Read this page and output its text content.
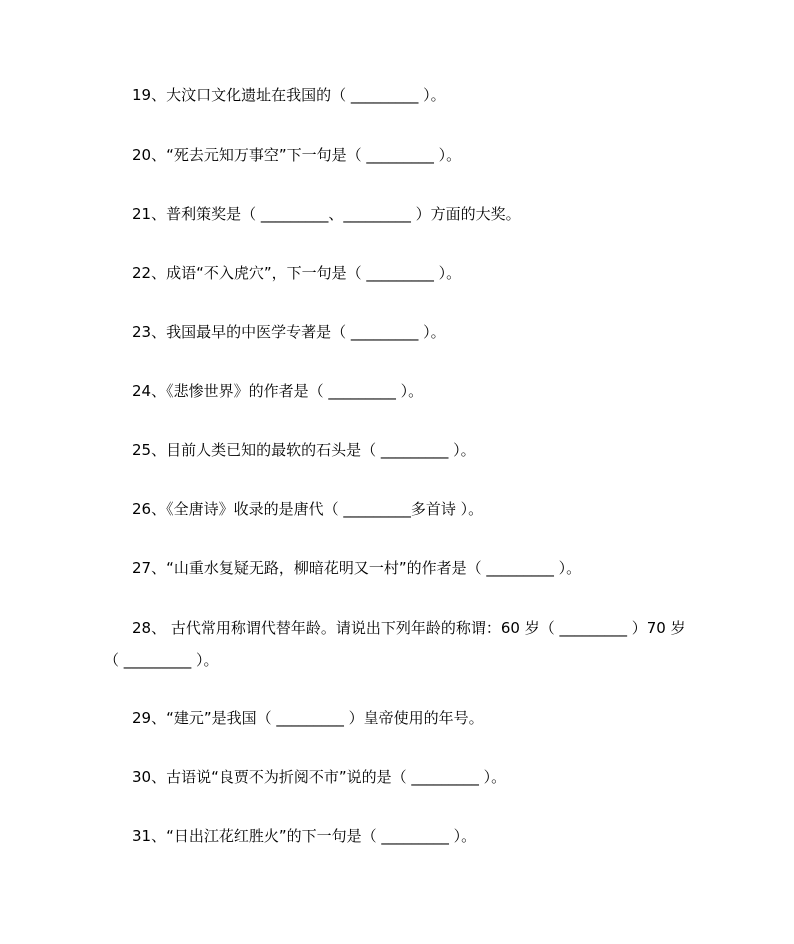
19、大汶口文化遗址在我国的（ _________ ）。
20、“死去元知万事空”下一句是（ _________ ）。
21、普利策奖是（ _________、_________ ）方面的大奖。
22、成语“不入虎穴”，下一句是（ _________ ）。
23、我国最早的中医学专著是（ _________ ）。
24、《悲惨世界》的作者是（ _________ ）。
25、目前人类已知的最软的石头是（ _________ ）。
26、《全唐诗》收录的是唐代（ _________多首诗 ）。
27、“山重水复疑无路，柳暗花明又一村”的作者是（ _________ ）。
28、 古代常用称谓代替年龄。请说出下列年龄的称谓：60 岁（ _________ ）70 岁
（ _________ ）。
29、“建元”是我国（ _________ ）皇帝使用的年号。
30、古语说“良贾不为折阅不市”说的是（ _________ ）。
31、“日出江花红胜火”的下一句是（ _________ ）。
